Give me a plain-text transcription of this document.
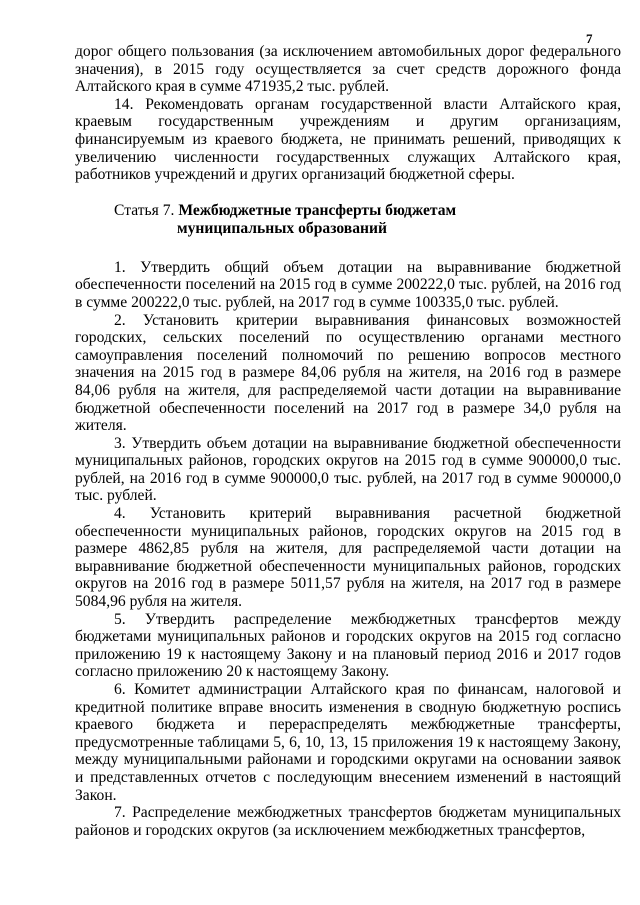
7

дорог общего пользования (за исключением автомобильных дорог федерального значения), в 2015 году осуществляется за счет средств дорожного фонда Алтайского края в сумме 471935,2 тыс. рублей.

14. Рекомендовать органам государственной власти Алтайского края, краевым государственным учреждениям и другим организациям, финансируемым из краевого бюджета, не принимать решений, приводящих к увеличению численности государственных служащих Алтайского края, работников учреждений и других организаций бюджетной сферы.

Статья 7. Межбюджетные трансферты бюджетам
муниципальных образований

1. Утвердить общий объем дотации на выравнивание бюджетной обеспеченности поселений на 2015 год в сумме 200222,0 тыс. рублей, на 2016 год в сумме 200222,0 тыс. рублей, на 2017 год в сумме 100335,0 тыс. рублей.

2. Установить критерии выравнивания финансовых возможностей городских, сельских поселений по осуществлению органами местного самоуправления поселений полномочий по решению вопросов местного значения на 2015 год в размере 84,06 рубля на жителя, на 2016 год в размере 84,06 рубля на жителя, для распределяемой части дотации на выравнивание бюджетной обеспеченности поселений на 2017 год в размере 34,0 рубля на жителя.

3. Утвердить объем дотации на выравнивание бюджетной обеспеченности муниципальных районов, городских округов на 2015 год в сумме 900000,0 тыс. рублей, на 2016 год в сумме 900000,0 тыс. рублей, на 2017 год в сумме 900000,0 тыс. рублей.

4. Установить критерий выравнивания расчетной бюджетной обеспеченности муниципальных районов, городских округов на 2015 год в размере 4862,85 рубля на жителя, для распределяемой части дотации на выравнивание бюджетной обеспеченности муниципальных районов, городских округов на 2016 год в размере 5011,57 рубля на жителя, на 2017 год в размере 5084,96 рубля на жителя.

5. Утвердить распределение межбюджетных трансфертов между бюджетами муниципальных районов и городских округов на 2015 год согласно приложению 19 к настоящему Закону и на плановый период 2016 и 2017 годов согласно приложению 20 к настоящему Закону.

6. Комитет администрации Алтайского края по финансам, налоговой и кредитной политике вправе вносить изменения в сводную бюджетную роспись краевого бюджета и перераспределять межбюджетные трансферты, предусмотренные таблицами 5, 6, 10, 13, 15 приложения 19 к настоящему Закону, между муниципальными районами и городскими округами на основании заявок и представленных отчетов с последующим внесением изменений в настоящий Закон.

7. Распределение межбюджетных трансфертов бюджетам муниципальных районов и городских округов (за исключением межбюджетных трансфертов,
